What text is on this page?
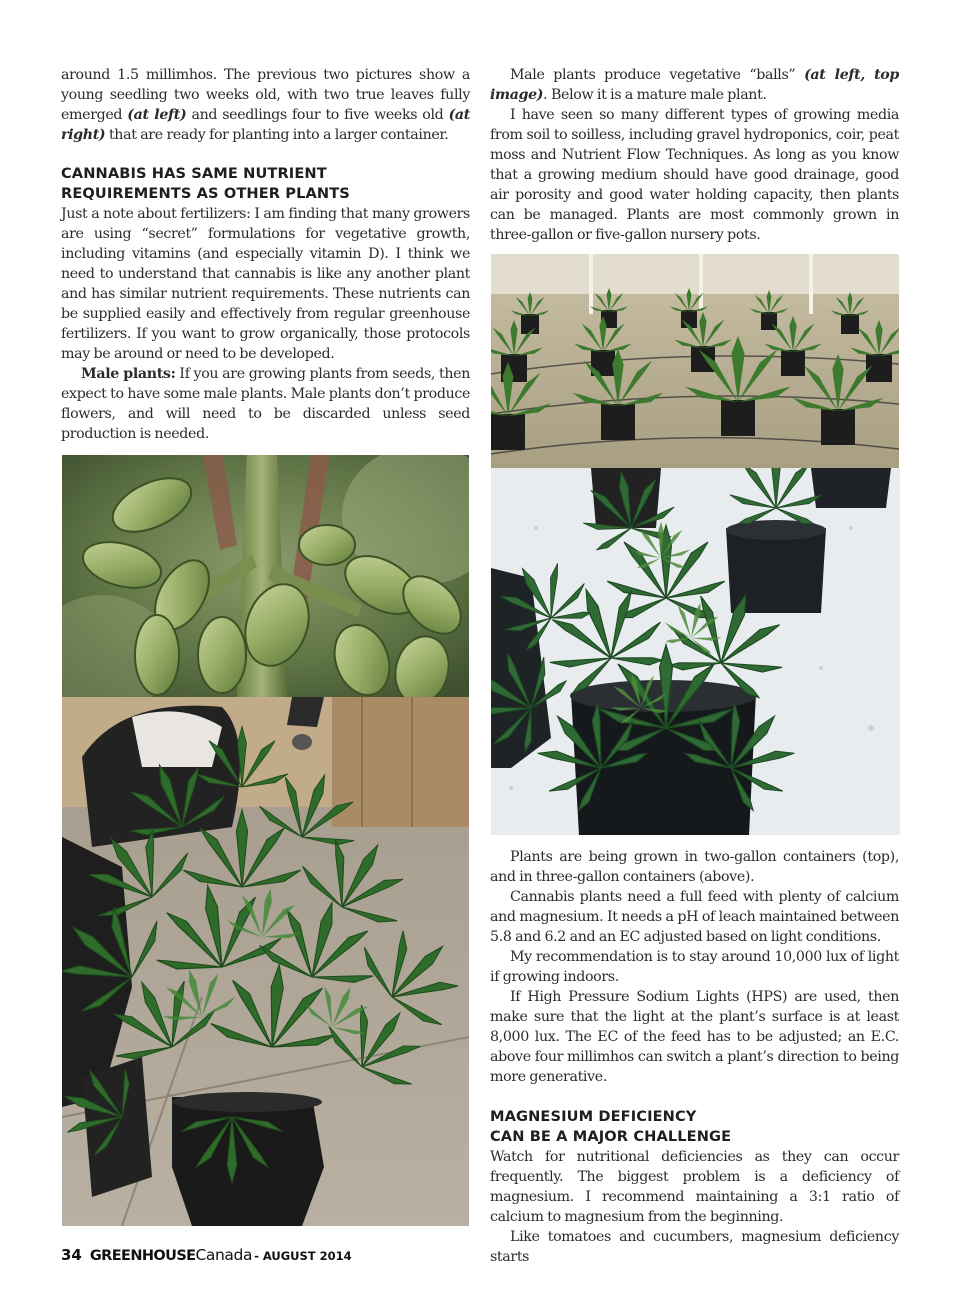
around 1.5 millimhos. The previous two pictures show a young seedling two weeks old, with two true leaves fully emerged (at left) and seedlings four to five weeks old (at right) that are ready for planting into a larger container.

CANNABIS HAS SAME NUTRIENT
REQUIREMENTS AS OTHER PLANTS

Just a note about fertilizers: I am finding that many growers are using “secret” formulations for vegetative growth, including vitamins (and especially vitamin D). I think we need to understand that cannabis is like any another plant and has similar nutrient requirements. These nutrients can be supplied easily and effectively from regular greenhouse fertilizers. If you want to grow organically, those protocols may be around or need to be developed.

Male plants: If you are growing plants from seeds, then expect to have some male plants. Male plants don’t produce flowers, and will need to be discarded unless seed production is needed.

Male plants produce vegetative “balls” (at left, top image). Below it is a mature male plant.

I have seen so many different types of growing media from soil to soilless, including gravel hydroponics, coir, peat moss and Nutrient Flow Techniques. As long as you know that a growing medium should have good drainage, good air porosity and good water holding capacity, then plants can be managed. Plants are most commonly grown in three-gallon or five-gallon nursery pots.

Plants are being grown in two-gallon containers (top), and in three-gallon containers (above).

Cannabis plants need a full feed with plenty of calcium and magnesium. It needs a pH of leach maintained between 5.8 and 6.2 and an EC adjusted based on light conditions.

My recommendation is to stay around 10,000 lux of light if growing indoors.

If High Pressure Sodium Lights (HPS) are used, then make sure that the light at the plant’s surface is at least 8,000 lux. The EC of the feed has to be adjusted; an E.C. above four millimhos can switch a plant’s direction to being more generative.

MAGNESIUM DEFICIENCY
CAN BE A MAJOR CHALLENGE

Watch for nutritional deficiencies as they can occur frequently. The biggest problem is a deficiency of magnesium. I recommend maintaining a 3:1 ratio of calcium to magnesium from the beginning.

Like tomatoes and cucumbers, magnesium deficiency starts

34 GREENHOUSE Canada - AUGUST 2014
